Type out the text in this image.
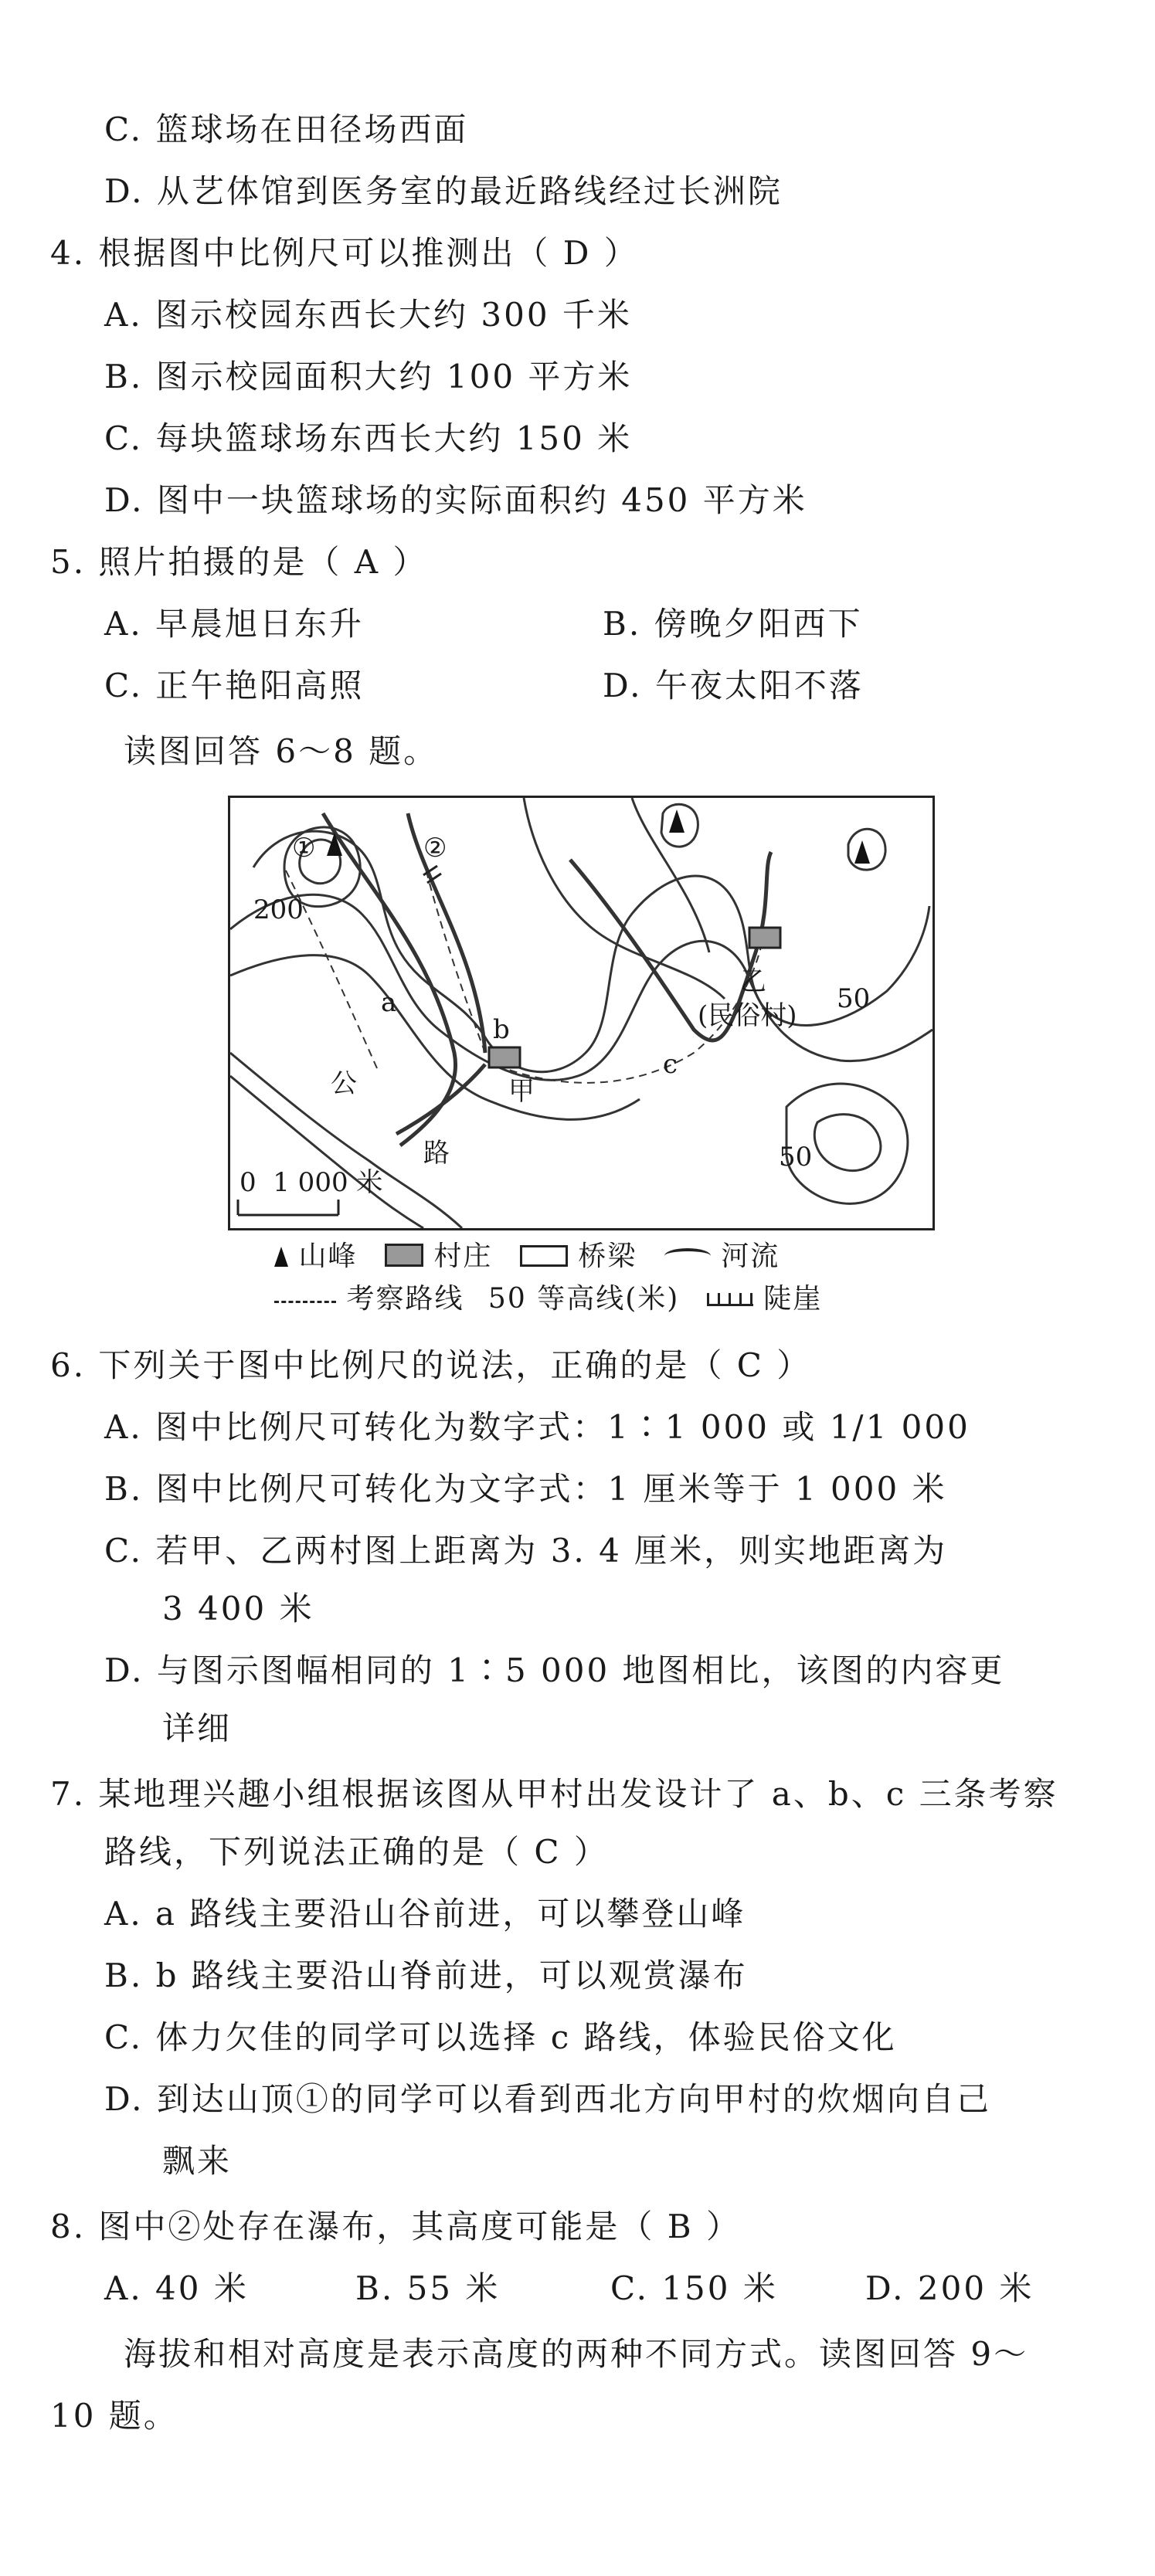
C. 篮球场在田径场西面
D. 从艺体馆到医务室的最近路线经过长洲院
4. 根据图中比例尺可以推测出（ D ）
A. 图示校园东西长大约 300 千米
B. 图示校园面积大约 100 平方米
C. 每块篮球场东西长大约 150 米
D. 图中一块篮球场的实际面积约 450 平方米
5. 照片拍摄的是（ A ）
A. 早晨旭日东升	B. 傍晚夕阳西下
C. 正午艳阳高照	D. 午夜太阳不落
读图回答 6～8 题。
①	②
200
50
50
a
b
c
甲
乙
(民俗村)
公
路
0  1 000 米
山峰	村庄	桥梁	河流
考察路线 50 等高线(米)	陡崖
6. 下列关于图中比例尺的说法，正确的是（ C ）
A. 图中比例尺可转化为数字式：1∶1 000 或 1/1 000
B. 图中比例尺可转化为文字式：1 厘米等于 1 000 米
C. 若甲、乙两村图上距离为 3. 4 厘米，则实地距离为
3 400 米
D. 与图示图幅相同的 1∶5 000 地图相比，该图的内容更
详细
7. 某地理兴趣小组根据该图从甲村出发设计了 a、b、c 三条考察
路线，下列说法正确的是（ C ）
A. a 路线主要沿山谷前进，可以攀登山峰
B. b 路线主要沿山脊前进，可以观赏瀑布
C. 体力欠佳的同学可以选择 c 路线，体验民俗文化
D. 到达山顶①的同学可以看到西北方向甲村的炊烟向自己
飘来
8. 图中②处存在瀑布，其高度可能是（ B ）
A. 40 米	B. 55 米	C. 150 米	D. 200 米
海拔和相对高度是表示高度的两种不同方式。读图回答 9～
10 题。
